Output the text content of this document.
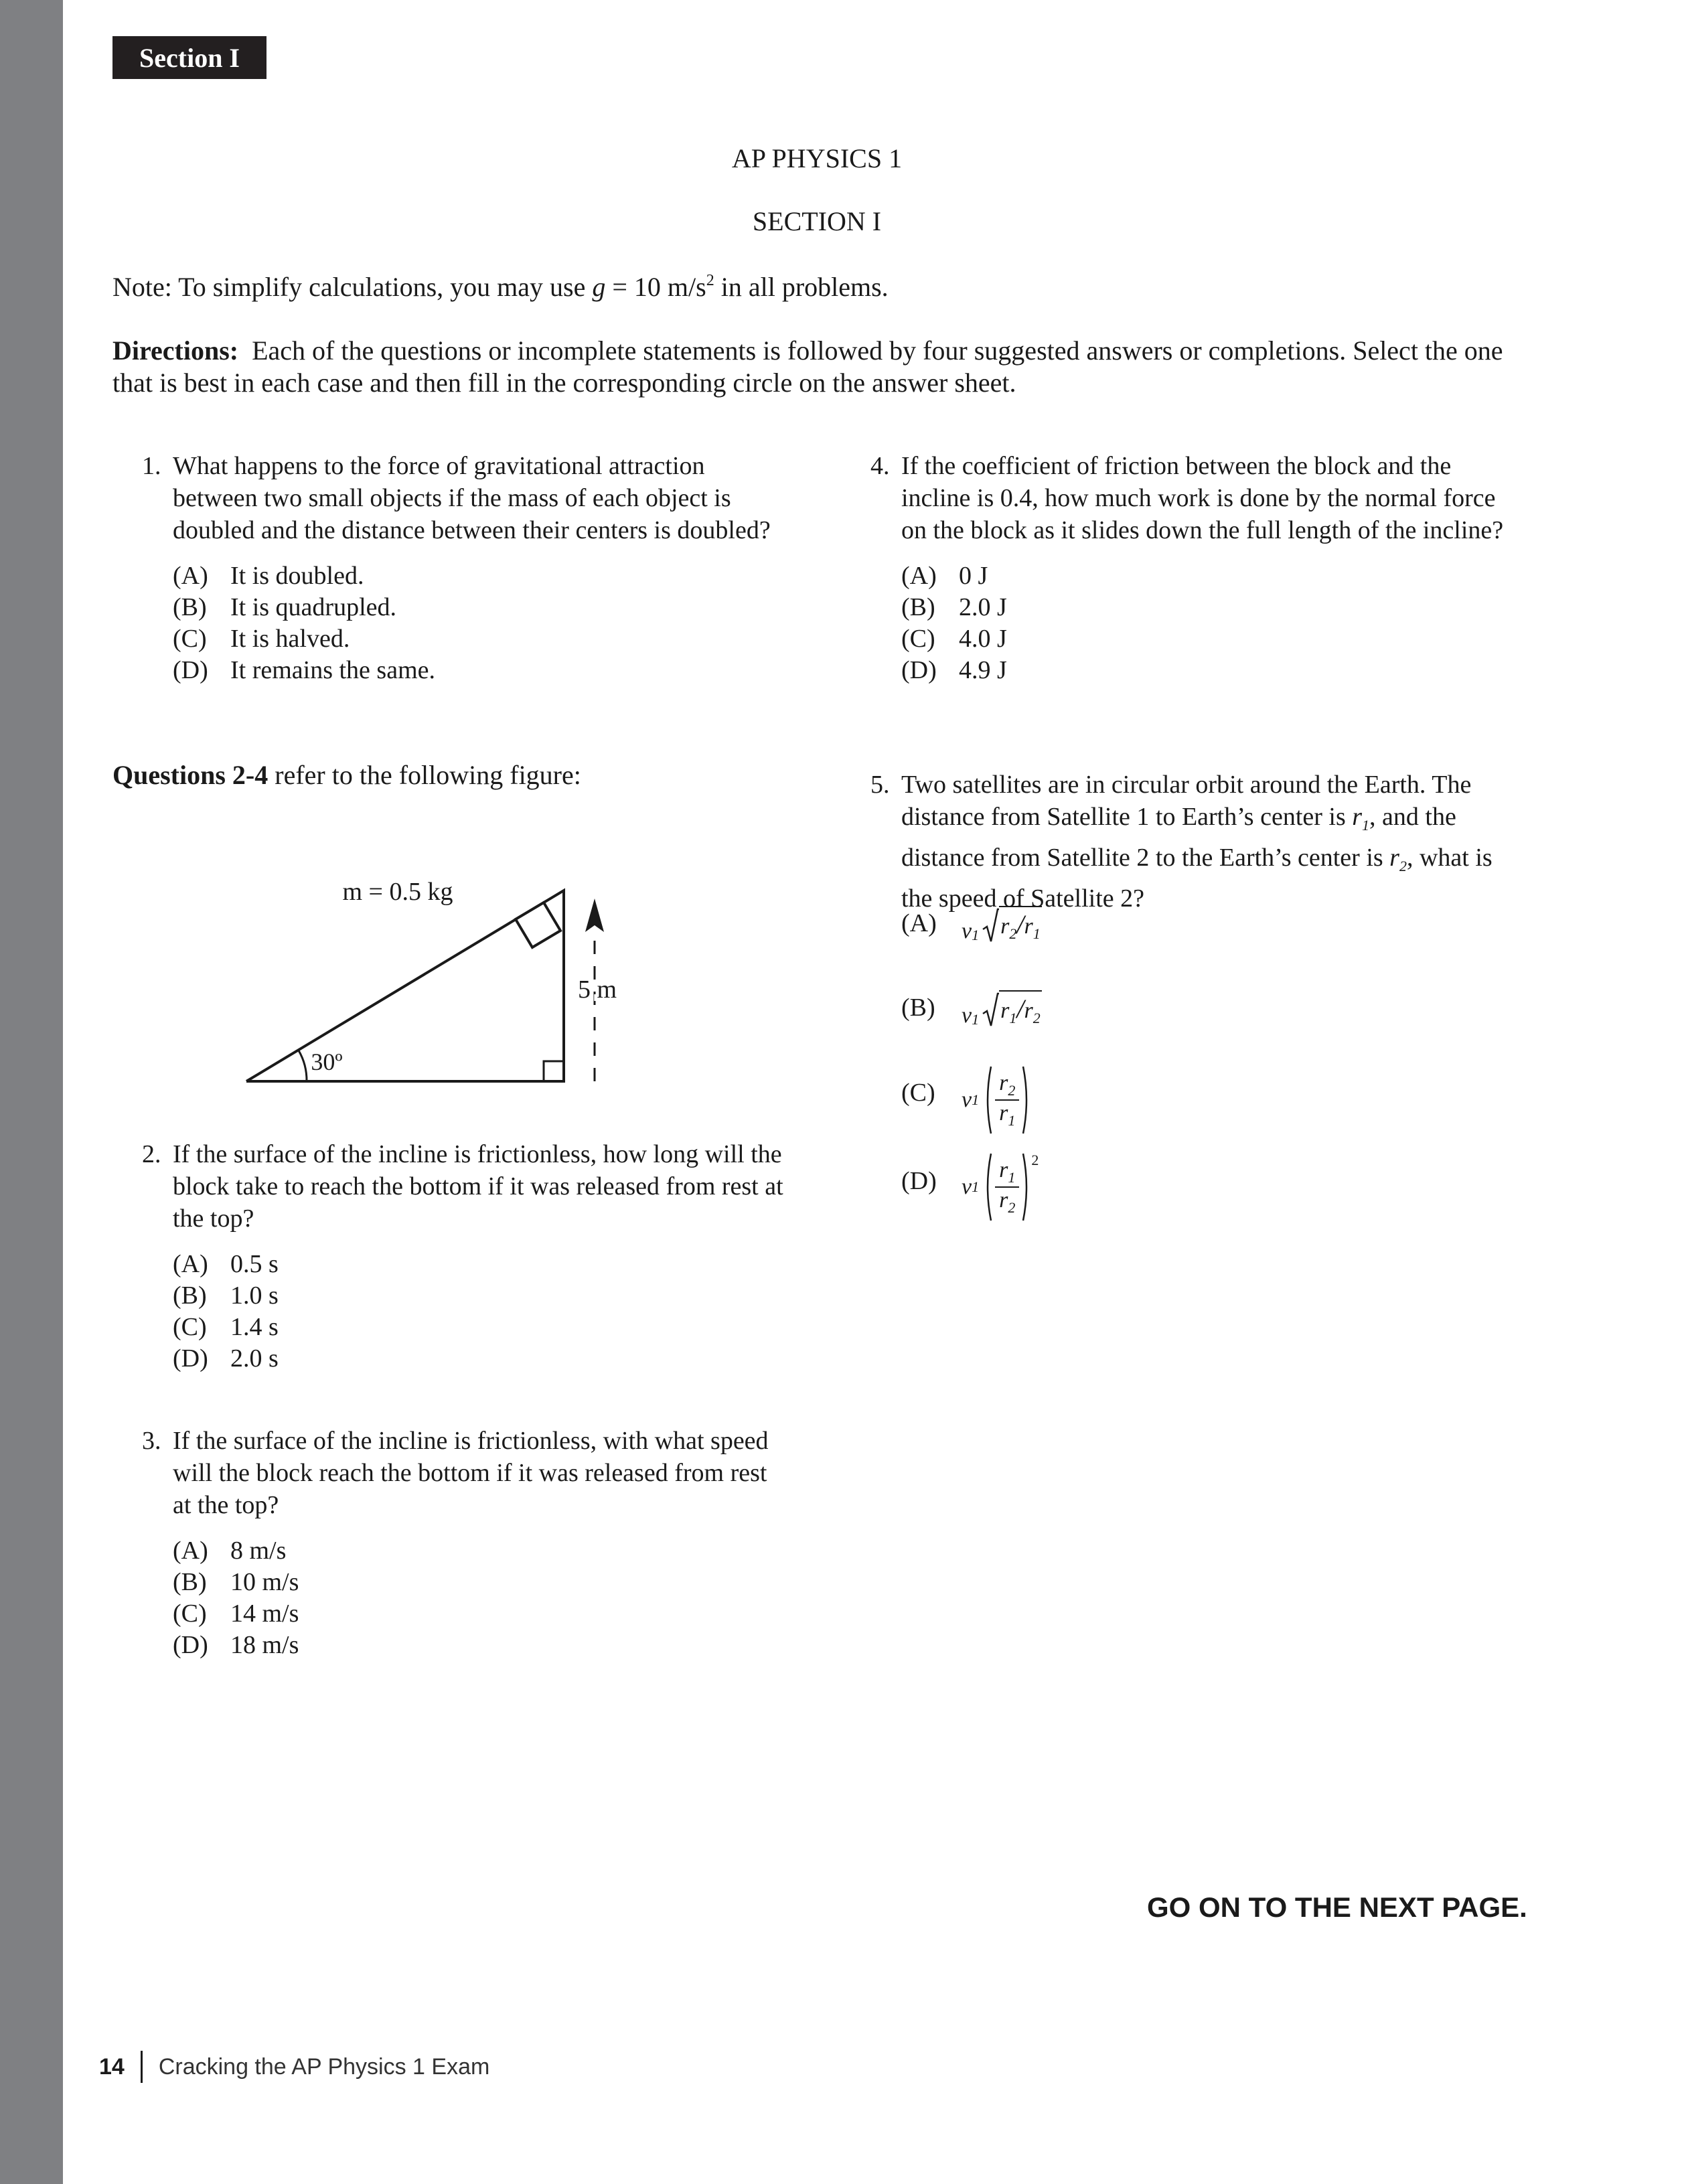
Section I
AP PHYSICS 1
SECTION I
Note: To simplify calculations, you may use g = 10 $m/s^2$ in all problems.
Directions: Each of the questions or incomplete statements is followed by four suggested answers or completions. Select the one that is best in each case and then fill in the corresponding circle on the answer sheet.
1. What happens to the force of gravitational attraction between two small objects if the mass of each object is doubled and the distance between their centers is doubled?
(A) It is doubled.
(B) It is quadrupled.
(C) It is halved.
(D) It remains the same.
Questions 2-4 refer to the following figure:
m = 0.5 kg
5 m
30º
2. If the surface of the incline is frictionless, how long will the block take to reach the bottom if it was released from rest at the top?
(A) 0.5 s
(B) 1.0 s
(C) 1.4 s
(D) 2.0 s
3. If the surface of the incline is frictionless, with what speed will the block reach the bottom if it was released from rest at the top?
(A) 8 m/s
(B) 10 m/s
(C) 14 m/s
(D) 18 m/s
4. If the coefficient of friction between the block and the incline is 0.4, how much work is done by the normal force on the block as it slides down the full length of the incline?
(A) 0 J
(B) 2.0 J
(C) 4.0 J
(D) 4.9 J
5. Two satellites are in circular orbit around the Earth. The distance from Satellite 1 to Earth’s center is $r_1$, and the distance from Satellite 2 to the Earth’s center is $r_2$, what is the speed of Satellite 2?
(A)
(B)
(C)
(D)
v 1 $r_2/r_1$
v 1 $r_1/r_2$
v $1 \frac{r_2}{r_1}$
v $1 \frac{r_1}{r_2} 2$
GO ON TO THE NEXT PAGE.
14 Cracking the AP Physics 1 Exam
